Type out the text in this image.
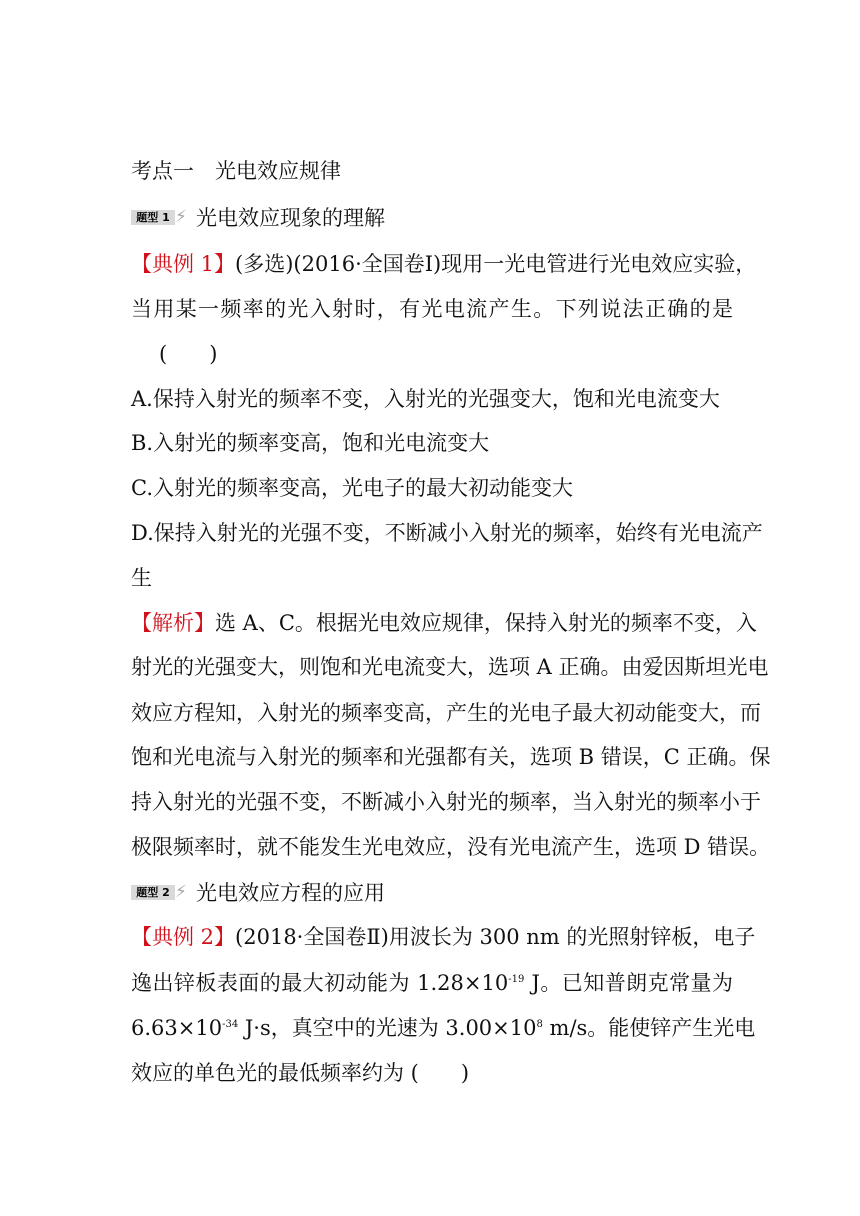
考点一　光电效应规律
题型 1 ⚡ 光电效应现象的理解
【典例 1】(多选)(2016·全国卷Ⅰ)现用一光电管进行光电效应实验，
当用某一频率的光入射时，有光电流产生。下列说法正确的是
(　　)
A.保持入射光的频率不变，入射光的光强变大，饱和光电流变大
B.入射光的频率变高，饱和光电流变大
C.入射光的频率变高，光电子的最大初动能变大
D.保持入射光的光强不变，不断减小入射光的频率，始终有光电流产
生
【解析】选 A、C。根据光电效应规律，保持入射光的频率不变，入
射光的光强变大，则饱和光电流变大，选项 A 正确。由爱因斯坦光电
效应方程知，入射光的频率变高，产生的光电子最大初动能变大，而
饱和光电流与入射光的频率和光强都有关，选项 B 错误，C 正确。保
持入射光的光强不变，不断减小入射光的频率，当入射光的频率小于
极限频率时，就不能发生光电效应，没有光电流产生，选项 D 错误。
题型 2 ⚡ 光电效应方程的应用
【典例 2】(2018·全国卷Ⅱ)用波长为 300 nm 的光照射锌板，电子
逸出锌板表面的最大初动能为 $1.28\times 10^{-19}$ J。已知普朗克常量为
$6.63\times 10^{-34}$ J·s，真空中的光速为 $3.00\times 10^8$ m/s。能使锌产生光电
效应的单色光的最低频率约为 (　　)
